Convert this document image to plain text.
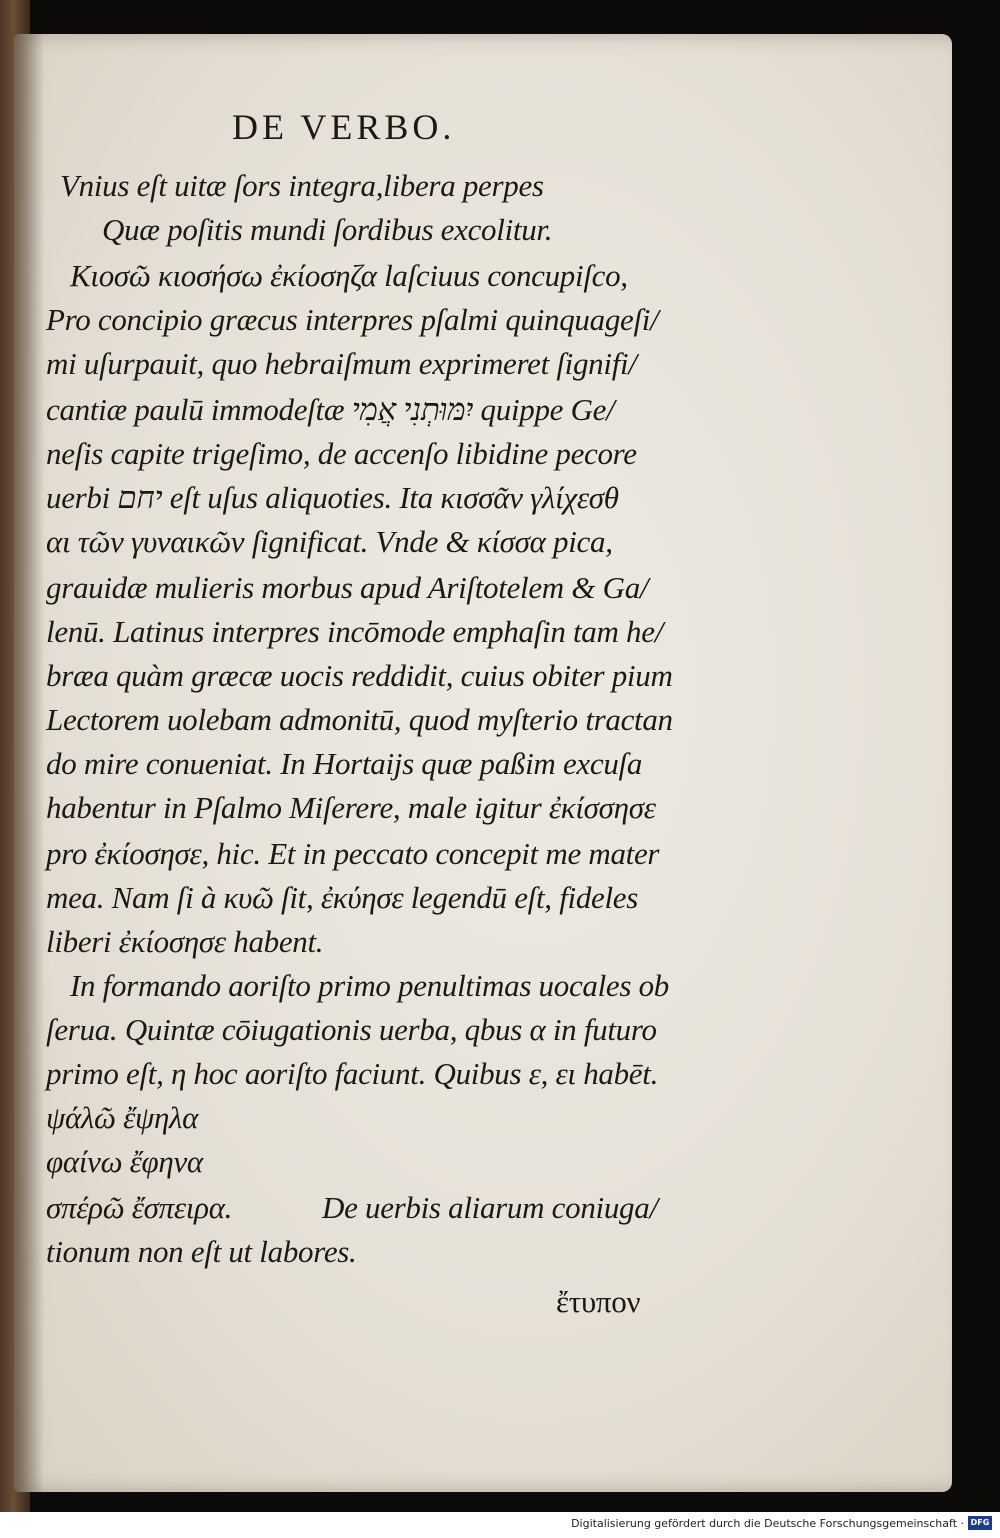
DE VERBO.
Vnius eſt uitæ ſors integra,libera perpes
Quæ poſitis mundi ſordibus excolitur.
Κιοσῶ κιοσήσω ἐκίοσηζα laſciuus concupiſco,
Pro concipio græcus interpres pſalmi quinquageſi/
mi uſurpauit, quo hebraiſmum exprimeret ſignifi/
cantiæ paulū immodeſtæ יִמּוּתְנִי אֲמִי quippe Ge/
neſis capite trigeſimo, de accenſo libidine pecore
uerbi יחם eſt uſus aliquoties. Ita κισσᾶν γλίχεσθ
αι τῶν γυναικῶν ſignificat. Vnde & κίσσα pica,
grauidæ mulieris morbus apud Ariſtotelem & Ga/
lenū. Latinus interpres incōmode emphaſin tam he/
bræa quàm græcæ uocis reddidit, cuius obiter pium
Lectorem uolebam admonitū, quod myſterio tractan
do mire conueniat. In Hortaijs quæ paßim excuſa
habentur in Pſalmo Miſerere, male igitur ἐκίσσησε
pro ἐκίοσησε, hic. Et in peccato concepit me mater
mea. Nam ſi à κυῶ ſit, ἐκύησε legendū eſt, fideles
liberi ἐκίοσησε habent.
In formando aoriſto primo penultimas uocales ob
ſerua. Quintæ cōiugationis uerba, qbus α in futuro
primo eſt, η hoc aoriſto faciunt. Quibus ε, ει habēt.
ψάλῶ ἔψηλα
φαίνω ἔφηνα
σπέρῶ ἔσπειρα.	De uerbis aliarum coniuga/
tionum non eſt ut labores.
ἔτυπον
Digitalisierung gefördert durch die Deutsche Forschungsgemeinschaft · DFG
